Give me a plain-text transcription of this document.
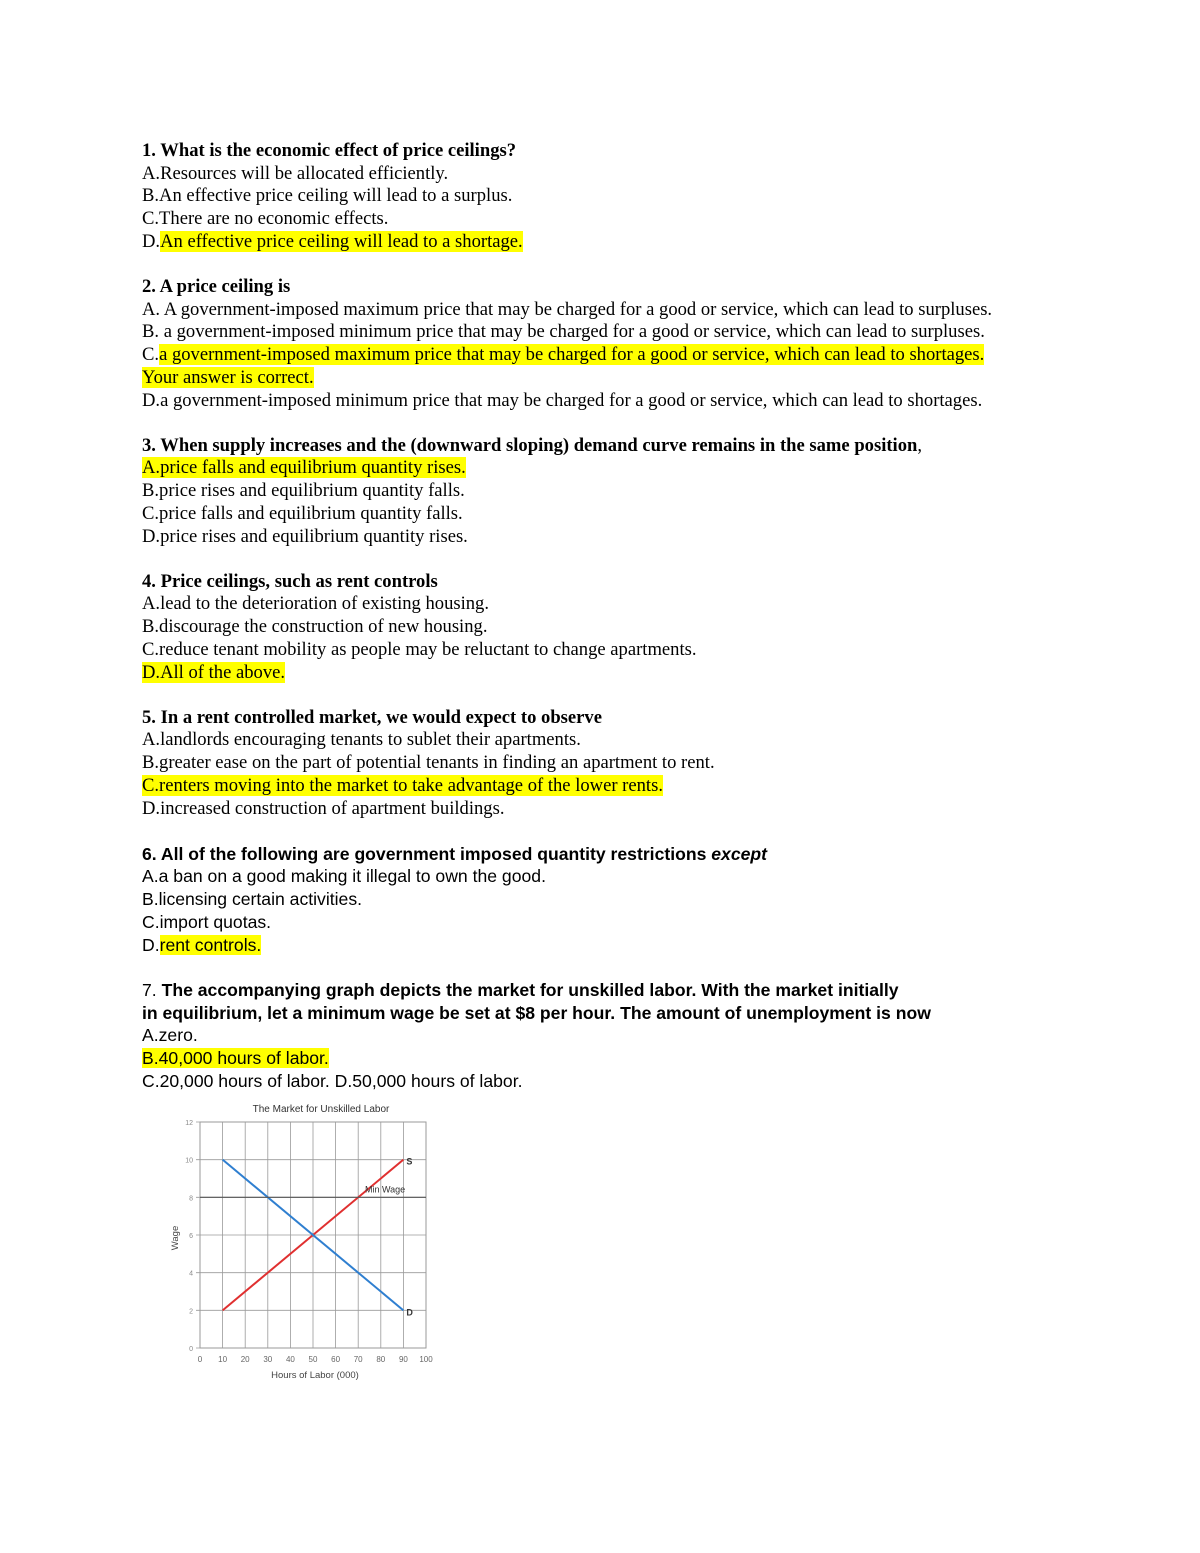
1. What is the economic effect of price ceilings?
A.Resources will be allocated efficiently.
B.An effective price ceiling will lead to a surplus.
C.There are no economic effects.
D.An effective price ceiling will lead to a shortage.
2. A price ceiling is
A. A government-imposed maximum price that may be charged for a good or service, which can lead to surpluses.
B. a government-imposed minimum price that may be charged for a good or service, which can lead to surpluses.
C.a government-imposed maximum price that may be charged for a good or service, which can lead to shortages.
Your answer is correct.
D.a government-imposed minimum price that may be charged for a good or service, which can lead to shortages.
3. When supply increases and the (downward sloping) demand curve remains in the same position,
A.price falls and equilibrium quantity rises.
B.price rises and equilibrium quantity falls.
C.price falls and equilibrium quantity falls.
D.price rises and equilibrium quantity rises.
4. Price ceilings, such as rent controls
A.lead to the deterioration of existing housing.
B.discourage the construction of new housing.
C.reduce tenant mobility as people may be reluctant to change apartments.
D.All of the above.
5. In a rent controlled market, we would expect to observe
A.landlords encouraging tenants to sublet their apartments.
B.greater ease on the part of potential tenants in finding an apartment to rent.
C.renters moving into the market to take advantage of the lower rents.
D.increased construction of apartment buildings.
6. All of the following are government imposed quantity restrictions except
A.a ban on a good making it illegal to own the good.
B.licensing certain activities.
C.import quotas.
D.rent controls.
7. The accompanying graph depicts the market for unskilled labor. With the market initially
in equilibrium, let a minimum wage be set at $8 per hour. The amount of unemployment is now
A.zero.
B.40,000 hours of labor.
C.20,000 hours of labor. D.50,000 hours of labor.
0 10 20 30 40 50 60 70 80 90 100
0
2
4
6
8
10
12
The Market for Unskilled Labor
Hours of Labor (000)
Wage
S
D
Min Wage
